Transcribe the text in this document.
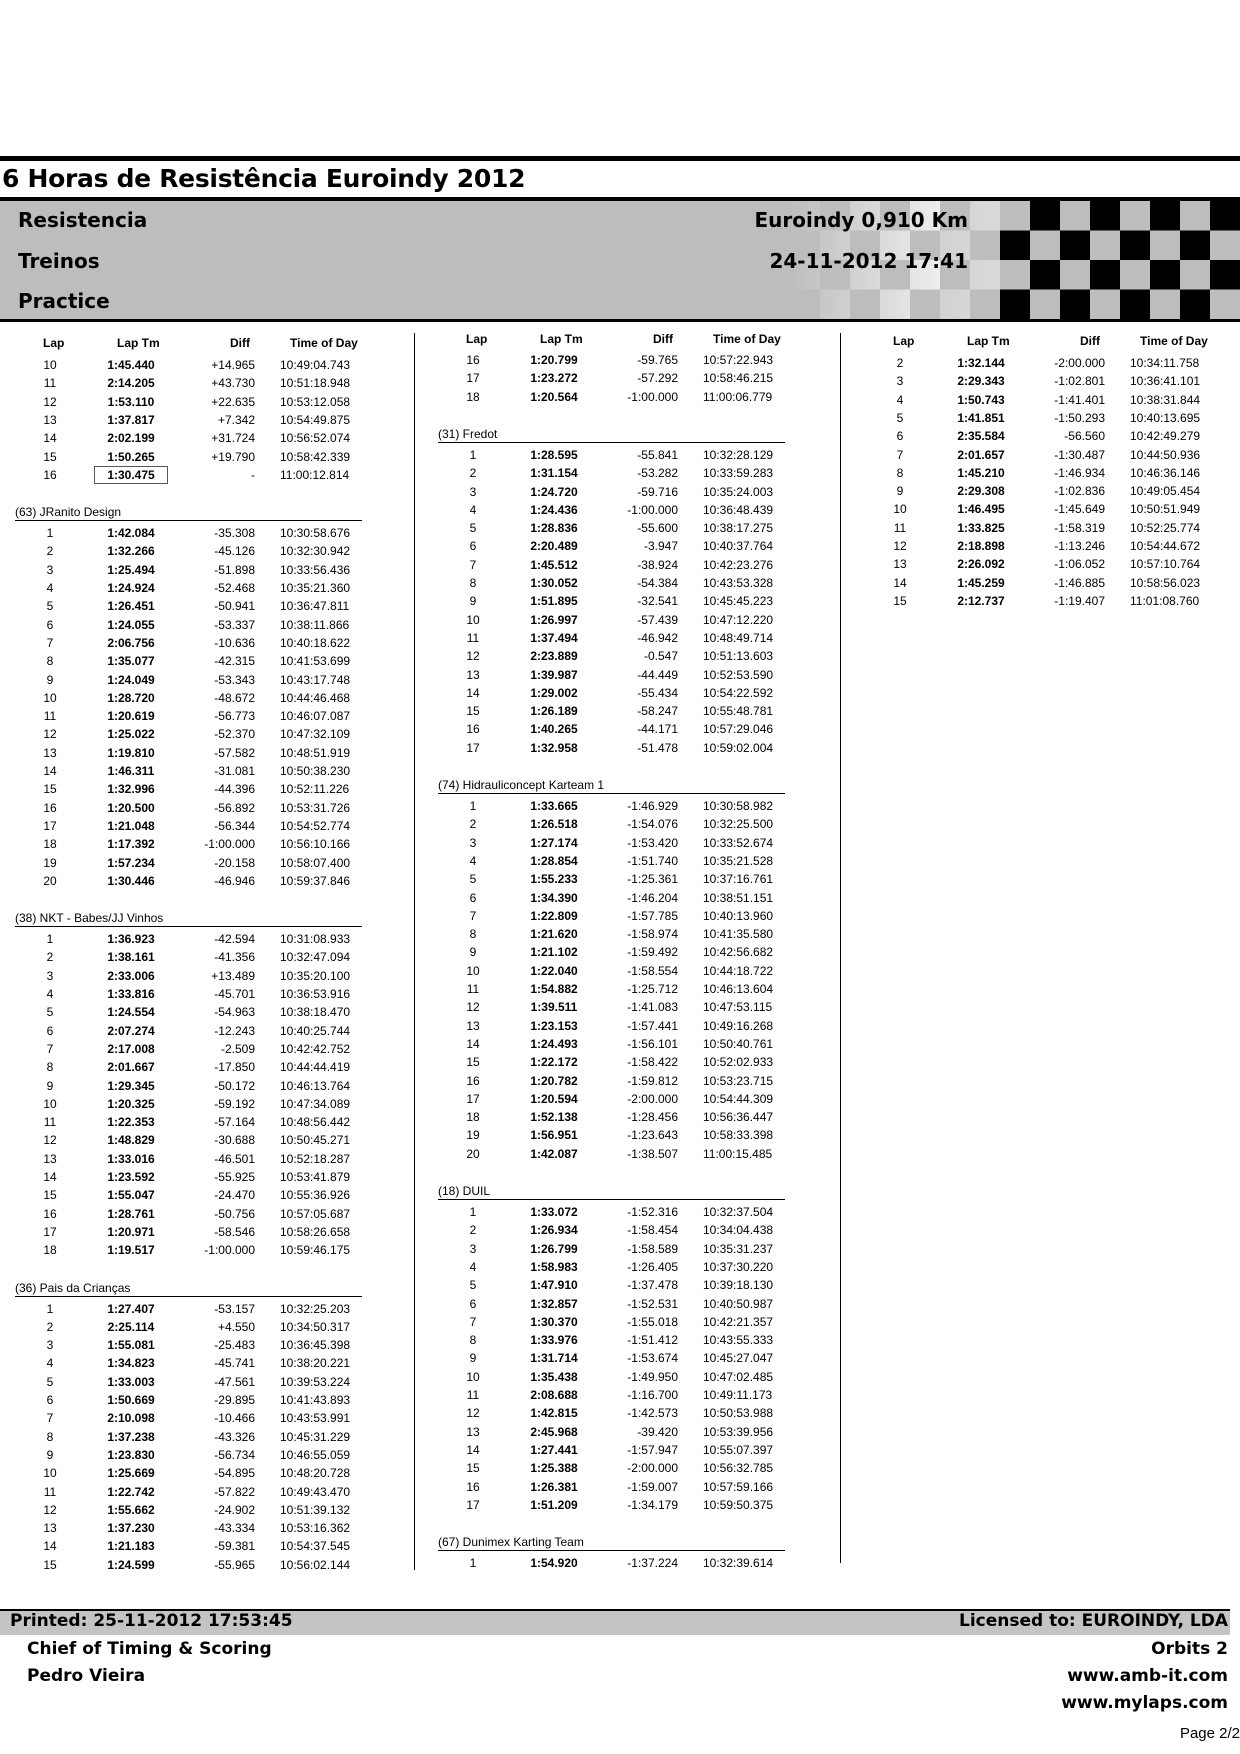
6 Horas de Resistência Euroindy 2012
Resistencia
Treinos
Practice
Euroindy 0,910 Km
24-11-2012 17:41
Lap	Lap Tm	Diff	Time of Day
10	1:45.440	+14.965 10:49:04.743
11	2:14.205	+43.730 10:51:18.948
12	1:53.110	+22.635 10:53:12.058
13	1:37.817	+7.342 10:54:49.875
14	2:02.199	+31.724 10:56:52.074
15	1:50.265	+19.790 10:58:42.339
16	1:30.475	- 11:00:12.814
(63) JRanito Design
1	1:42.084	-35.308 10:30:58.676
2	1:32.266	-45.126 10:32:30.942
3	1:25.494	-51.898 10:33:56.436
4	1:24.924	-52.468 10:35:21.360
5	1:26.451	-50.941 10:36:47.811
6	1:24.055	-53.337 10:38:11.866
7	2:06.756	-10.636 10:40:18.622
8	1:35.077	-42.315 10:41:53.699
9	1:24.049	-53.343 10:43:17.748
10	1:28.720	-48.672 10:44:46.468
11	1:20.619	-56.773 10:46:07.087
12	1:25.022	-52.370 10:47:32.109
13	1:19.810	-57.582 10:48:51.919
14	1:46.311	-31.081 10:50:38.230
15	1:32.996	-44.396 10:52:11.226
16	1:20.500	-56.892 10:53:31.726
17	1:21.048	-56.344 10:54:52.774
18	1:17.392	-1:00.000 10:56:10.166
19	1:57.234	-20.158 10:58:07.400
20	1:30.446	-46.946 10:59:37.846
(38) NKT - Babes/JJ Vinhos
1	1:36.923	-42.594 10:31:08.933
2	1:38.161	-41.356 10:32:47.094
3	2:33.006	+13.489 10:35:20.100
4	1:33.816	-45.701 10:36:53.916
5	1:24.554	-54.963 10:38:18.470
6	2:07.274	-12.243 10:40:25.744
7	2:17.008	-2.509 10:42:42.752
8	2:01.667	-17.850 10:44:44.419
9	1:29.345	-50.172 10:46:13.764
10	1:20.325	-59.192 10:47:34.089
11	1:22.353	-57.164 10:48:56.442
12	1:48.829	-30.688 10:50:45.271
13	1:33.016	-46.501 10:52:18.287
14	1:23.592	-55.925 10:53:41.879
15	1:55.047	-24.470 10:55:36.926
16	1:28.761	-50.756 10:57:05.687
17	1:20.971	-58.546 10:58:26.658
18	1:19.517	-1:00.000 10:59:46.175
(36) Pais da Crianças
1	1:27.407	-53.157 10:32:25.203
2	2:25.114	+4.550 10:34:50.317
3	1:55.081	-25.483 10:36:45.398
4	1:34.823	-45.741 10:38:20.221
5	1:33.003	-47.561 10:39:53.224
6	1:50.669	-29.895 10:41:43.893
7	2:10.098	-10.466 10:43:53.991
8	1:37.238	-43.326 10:45:31.229
9	1:23.830	-56.734 10:46:55.059
10	1:25.669	-54.895 10:48:20.728
11	1:22.742	-57.822 10:49:43.470
12	1:55.662	-24.902 10:51:39.132
13	1:37.230	-43.334 10:53:16.362
14	1:21.183	-59.381 10:54:37.545
15	1:24.599	-55.965 10:56:02.144
Lap	Lap Tm	Diff	Time of Day
16	1:20.799	-59.765 10:57:22.943
17	1:23.272	-57.292 10:58:46.215
18	1:20.564	-1:00.000 11:00:06.779
(31) Fredot
1	1:28.595	-55.841 10:32:28.129
2	1:31.154	-53.282 10:33:59.283
3	1:24.720	-59.716 10:35:24.003
4	1:24.436	-1:00.000 10:36:48.439
5	1:28.836	-55.600 10:38:17.275
6	2:20.489	-3.947 10:40:37.764
7	1:45.512	-38.924 10:42:23.276
8	1:30.052	-54.384 10:43:53.328
9	1:51.895	-32.541 10:45:45.223
10	1:26.997	-57.439 10:47:12.220
11	1:37.494	-46.942 10:48:49.714
12	2:23.889	-0.547 10:51:13.603
13	1:39.987	-44.449 10:52:53.590
14	1:29.002	-55.434 10:54:22.592
15	1:26.189	-58.247 10:55:48.781
16	1:40.265	-44.171 10:57:29.046
17	1:32.958	-51.478 10:59:02.004
(74) Hidrauliconcept Karteam 1
1	1:33.665	-1:46.929 10:30:58.982
2	1:26.518	-1:54.076 10:32:25.500
3	1:27.174	-1:53.420 10:33:52.674
4	1:28.854	-1:51.740 10:35:21.528
5	1:55.233	-1:25.361 10:37:16.761
6	1:34.390	-1:46.204 10:38:51.151
7	1:22.809	-1:57.785 10:40:13.960
8	1:21.620	-1:58.974 10:41:35.580
9	1:21.102	-1:59.492 10:42:56.682
10	1:22.040	-1:58.554 10:44:18.722
11	1:54.882	-1:25.712 10:46:13.604
12	1:39.511	-1:41.083 10:47:53.115
13	1:23.153	-1:57.441 10:49:16.268
14	1:24.493	-1:56.101 10:50:40.761
15	1:22.172	-1:58.422 10:52:02.933
16	1:20.782	-1:59.812 10:53:23.715
17	1:20.594	-2:00.000 10:54:44.309
18	1:52.138	-1:28.456 10:56:36.447
19	1:56.951	-1:23.643 10:58:33.398
20	1:42.087	-1:38.507 11:00:15.485
(18) DUIL
1	1:33.072	-1:52.316 10:32:37.504
2	1:26.934	-1:58.454 10:34:04.438
3	1:26.799	-1:58.589 10:35:31.237
4	1:58.983	-1:26.405 10:37:30.220
5	1:47.910	-1:37.478 10:39:18.130
6	1:32.857	-1:52.531 10:40:50.987
7	1:30.370	-1:55.018 10:42:21.357
8	1:33.976	-1:51.412 10:43:55.333
9	1:31.714	-1:53.674 10:45:27.047
10	1:35.438	-1:49.950 10:47:02.485
11	2:08.688	-1:16.700 10:49:11.173
12	1:42.815	-1:42.573 10:50:53.988
13	2:45.968	-39.420 10:53:39.956
14	1:27.441	-1:57.947 10:55:07.397
15	1:25.388	-2:00.000 10:56:32.785
16	1:26.381	-1:59.007 10:57:59.166
17	1:51.209	-1:34.179 10:59:50.375
(67) Dunimex Karting Team
1	1:54.920	-1:37.224 10:32:39.614
Lap	Lap Tm	Diff	Time of Day
2	1:32.144	-2:00.000 10:34:11.758
3	2:29.343	-1:02.801 10:36:41.101
4	1:50.743	-1:41.401 10:38:31.844
5	1:41.851	-1:50.293 10:40:13.695
6	2:35.584	-56.560 10:42:49.279
7	2:01.657	-1:30.487 10:44:50.936
8	1:45.210	-1:46.934 10:46:36.146
9	2:29.308	-1:02.836 10:49:05.454
10	1:46.495	-1:45.649 10:50:51.949
11	1:33.825	-1:58.319 10:52:25.774
12	2:18.898	-1:13.246 10:54:44.672
13	2:26.092	-1:06.052 10:57:10.764
14	1:45.259	-1:46.885 10:58:56.023
15	2:12.737	-1:19.407 11:01:08.760
Printed: 25-11-2012 17:53:45	Licensed to: EUROINDY, LDA
Chief of Timing & Scoring
Pedro Vieira
Orbits 2
www.amb-it.com
www.mylaps.com
Page 2/2
